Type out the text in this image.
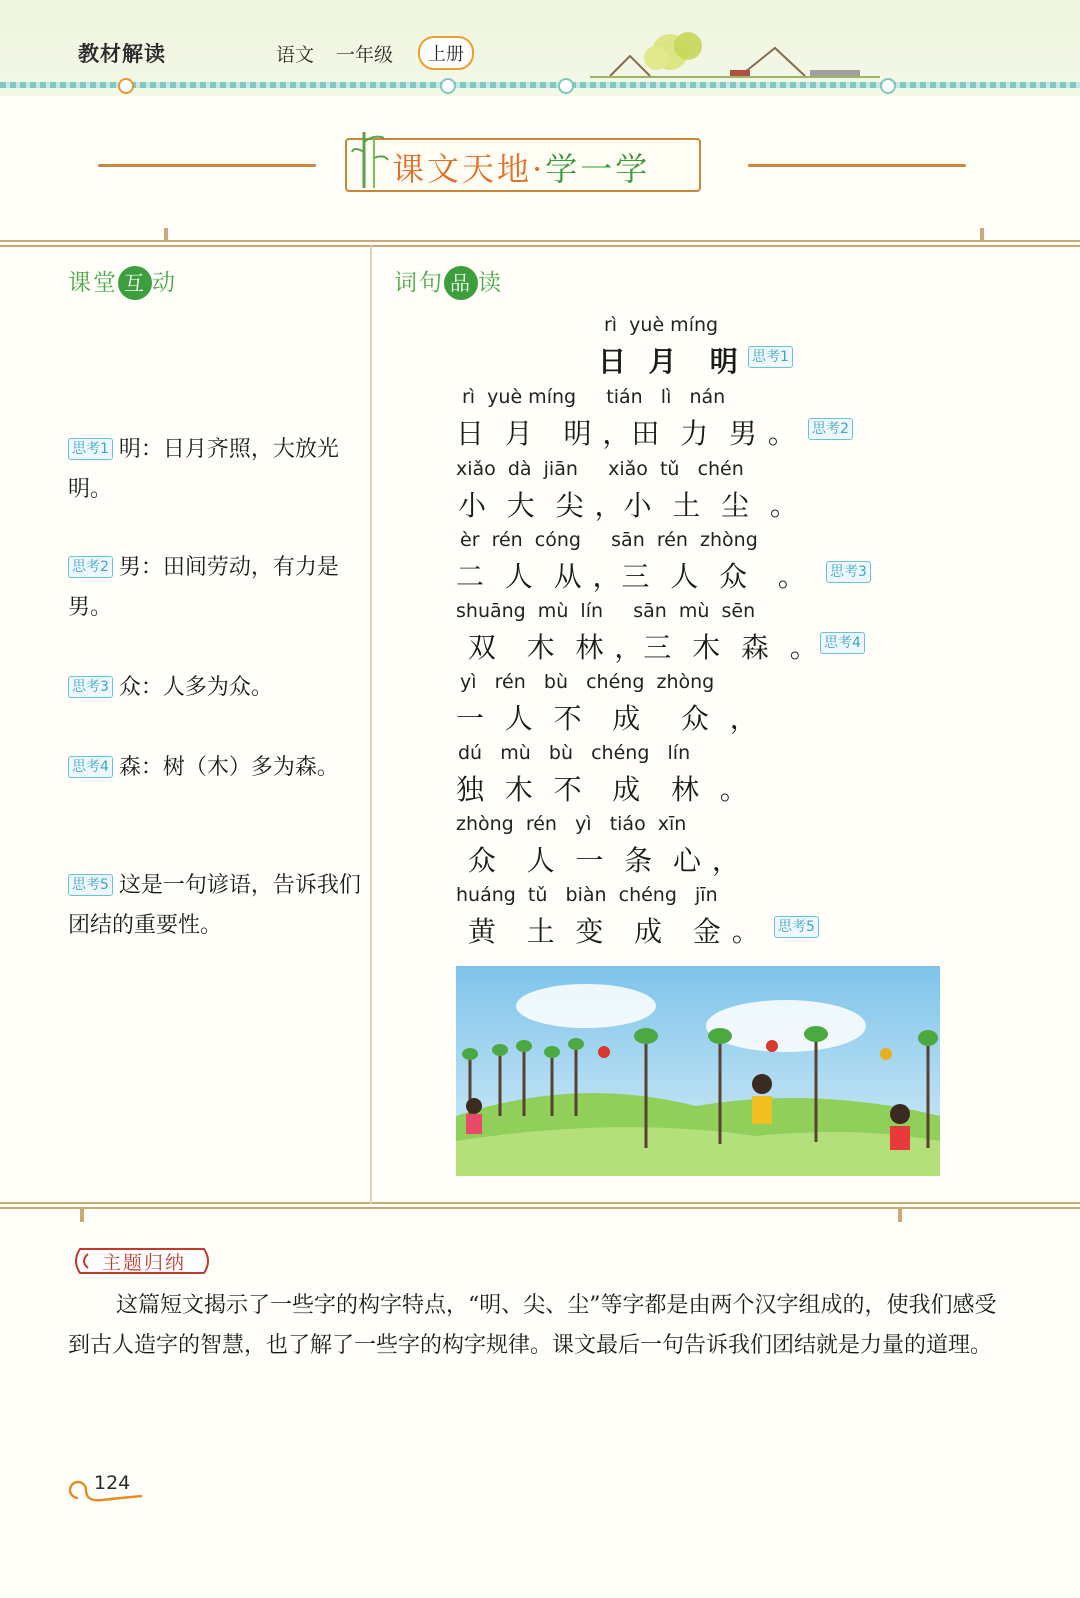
教材解读	语文 一年级	上册
课文天地·学一学
课堂 互 动
思考1 明：日月齐照，大放光明。
思考2 男：田间劳动，有力是男。
思考3 众：人多为众。
思考4 森：树（木）多为森。
思考5 这是一句谚语，告诉我们团结的重要性。
词句 品 读
rì  yuè míng
日  月   明 思考1
rì  yuè míng     tián   lì   nán
日  月   明 ，田  力  男 。 思考2
xiǎo  dà  jiān     xiǎo  tǔ   chén
小  大  尖 ，小  土  尘  。
èr  rén  cóng     sān  rén  zhòng
二  人  从 ，三  人  众   。 思考3
shuāng  mù  lín     sān  mù  sēn
双   木  林 ，三  木  森  。 思考4
yì   rén   bù   chéng  zhòng
一  人  不   成    众  ，
dú   mù   bù   chéng   lín
独  木  不   成   林  。
zhòng  rén   yì   tiáo  xīn
众   人  一  条  心 ，
huáng  tǔ   biàn  chéng   jīn
黄   土  变   成   金 。 思考5
主题归纳
这篇短文揭示了一些字的构字特点，“明、尖、尘”等字都是由两个汉字组成的，使我们感受到古人造字的智慧，也了解了一些字的构字规律。课文最后一句告诉我们团结就是力量的道理。
124
